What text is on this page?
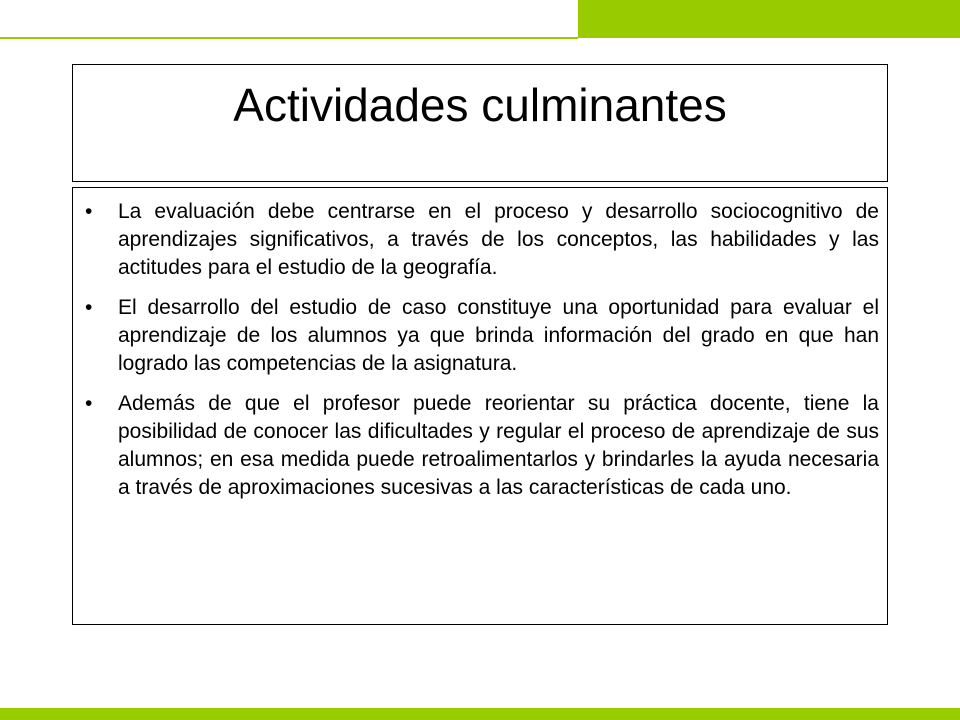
Actividades culminantes
•	La evaluación debe centrarse en el proceso y desarrollo sociocognitivo de aprendizajes significativos, a través de los conceptos, las habilidades y las actitudes para el estudio de la geografía.
•	El desarrollo del estudio de caso constituye una oportunidad para evaluar el aprendizaje de los alumnos ya que brinda información del grado en que han logrado las competencias de la asignatura.
•	Además de que el profesor puede reorientar su práctica docente, tiene la posibilidad de conocer las dificultades y regular el proceso de aprendizaje de sus alumnos; en esa medida puede retroalimentarlos y brindarles la ayuda necesaria a través de aproximaciones sucesivas a las características de cada uno.
